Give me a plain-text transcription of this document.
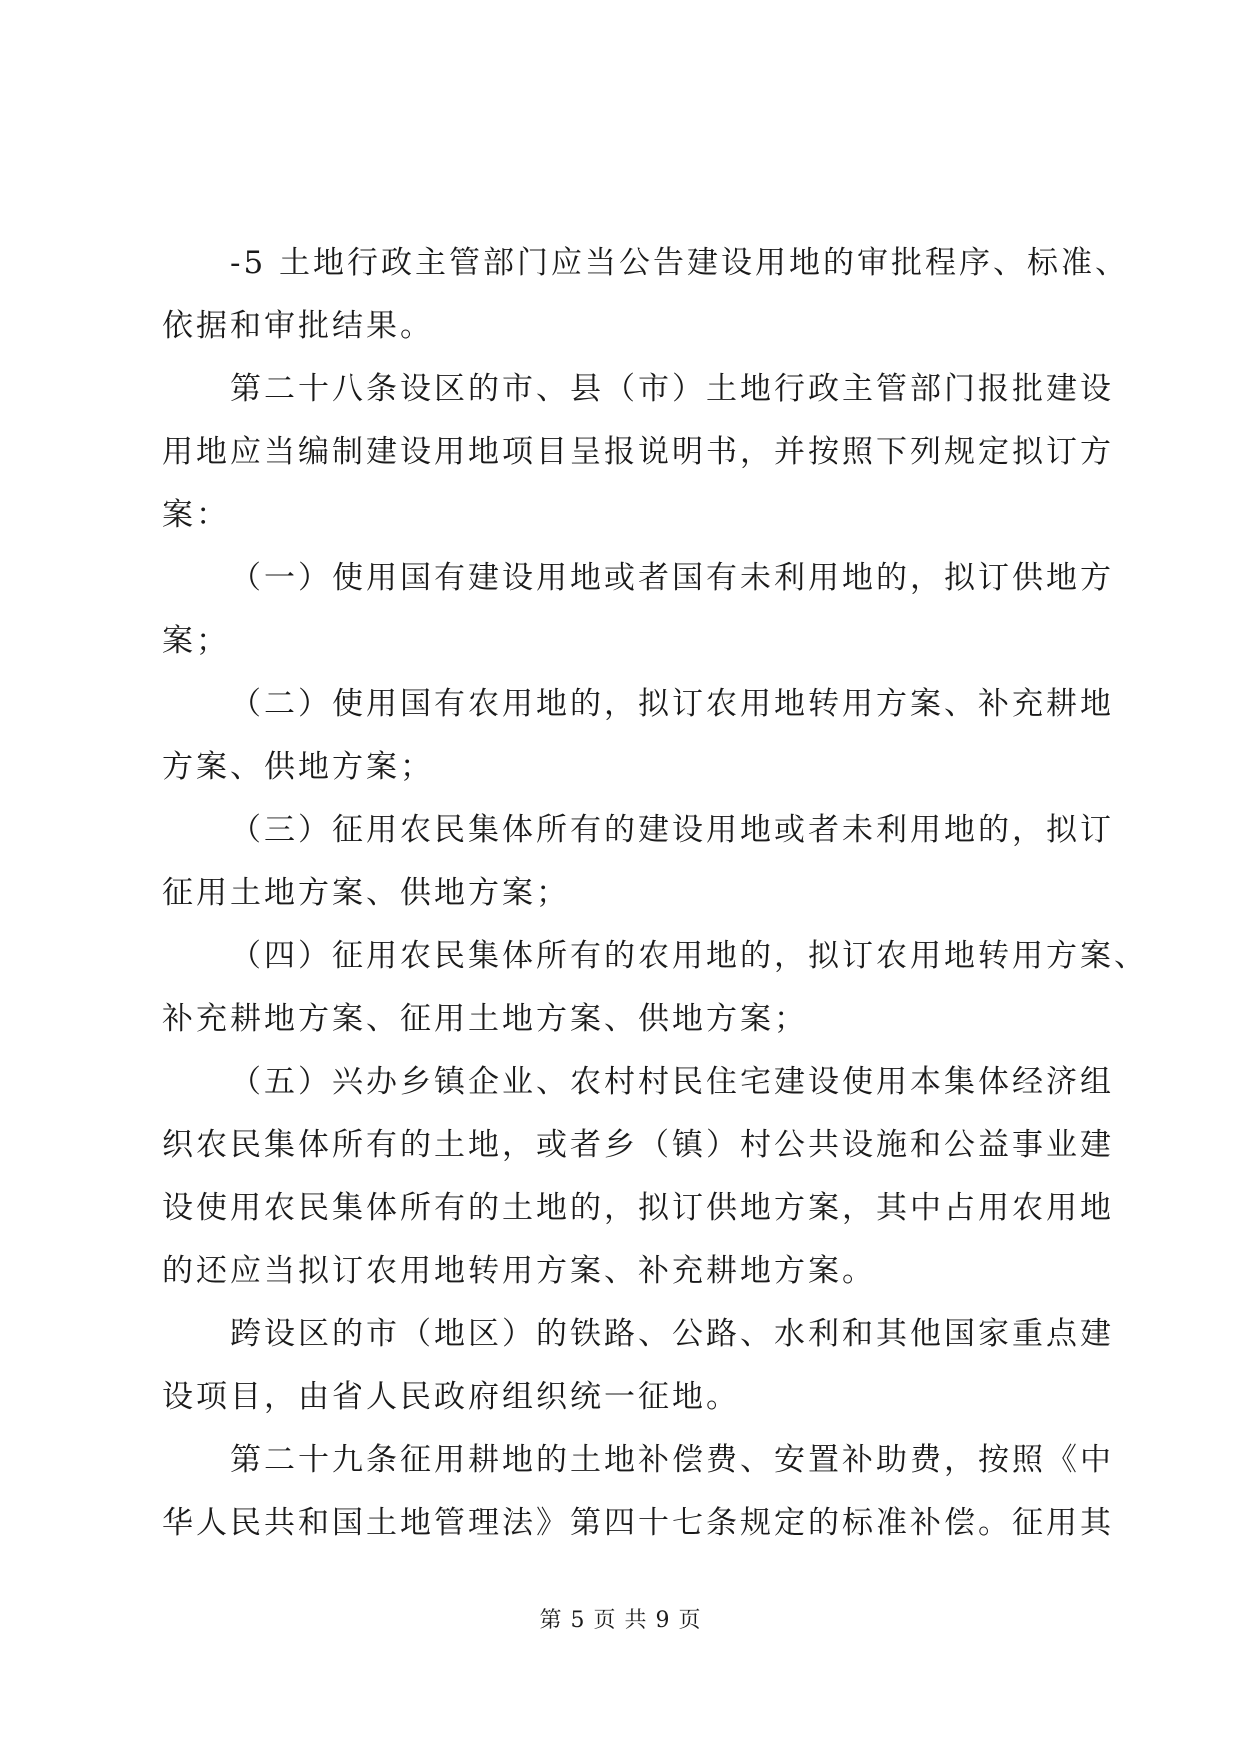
-5 土地行政主管部门应当公告建设用地的审批程序、标准、
依据和审批结果。
第二十八条设区的市、县（市）土地行政主管部门报批建设
用地应当编制建设用地项目呈报说明书，并按照下列规定拟订方
案：
（一）使用国有建设用地或者国有未利用地的，拟订供地方
案；
（二）使用国有农用地的，拟订农用地转用方案、补充耕地
方案、供地方案；
（三）征用农民集体所有的建设用地或者未利用地的，拟订
征用土地方案、供地方案；
（四）征用农民集体所有的农用地的，拟订农用地转用方案、
补充耕地方案、征用土地方案、供地方案；
（五）兴办乡镇企业、农村村民住宅建设使用本集体经济组
织农民集体所有的土地，或者乡（镇）村公共设施和公益事业建
设使用农民集体所有的土地的，拟订供地方案，其中占用农用地
的还应当拟订农用地转用方案、补充耕地方案。
跨设区的市（地区）的铁路、公路、水利和其他国家重点建
设项目，由省人民政府组织统一征地。
第二十九条征用耕地的土地补偿费、安置补助费，按照《中
华人民共和国土地管理法》第四十七条规定的标准补偿。征用其
第 5 页 共 9 页
